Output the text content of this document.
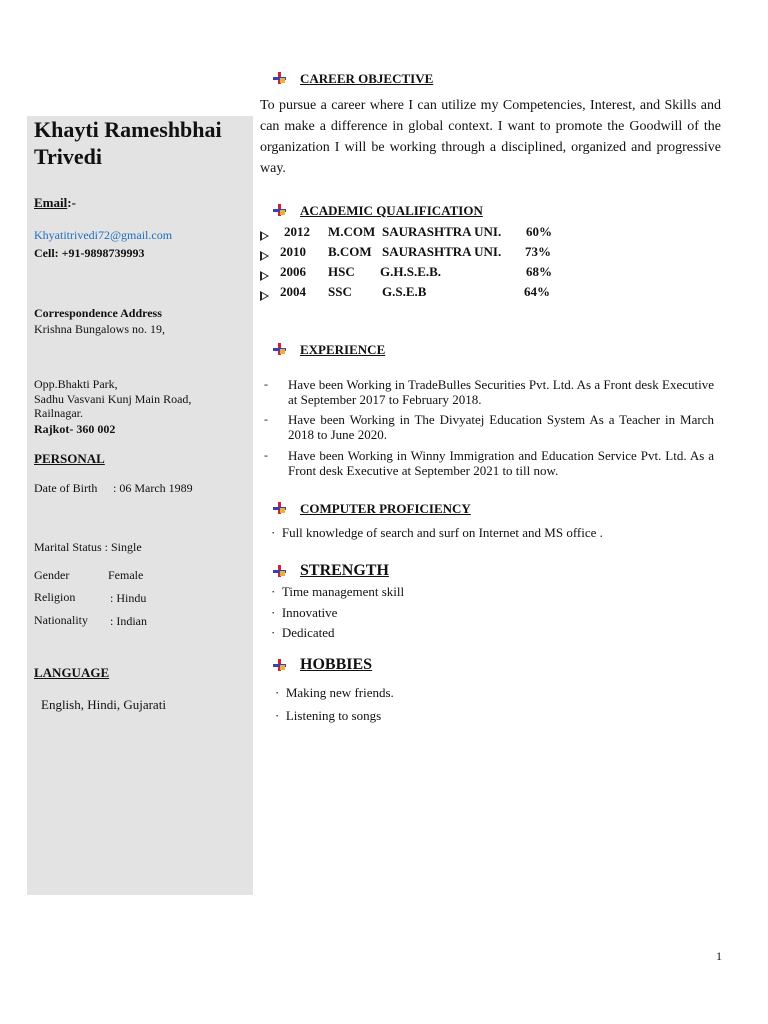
Khayti Rameshbhai
Trivedi
Email:-
Khyatitrivedi72@gmail.com
Cell: +91-9898739993
Correspondence Address
Krishna Bungalows no. 19,
Opp.Bhakti Park,
Sadhu Vasvani Kunj Main Road,
Railnagar.
Rajkot- 360 002
PERSONAL
Date of Birth : 06 March 1989
Marital Status : Single
Gender	Female
Religion	: Hindu
Nationality : Indian
LANGUAGE
English, Hindi, Gujarati
CAREER OBJECTIVE
To pursue a career where I can utilize my Competencies, Interest, and Skills and can make a difference in global context. I want to promote the Goodwill of the organization I will be working through a disciplined, organized and progressive way.
ACADEMIC QUALIFICATION
2012 M.COM SAURASHTRA UNI. 60%
2010 B.COM SAURASHTRA UNI. 73%
2006 HSC G.H.S.E.B.	68%
2004 SSC G.S.E.B	64%
EXPERIENCE
- Have been Working in TradeBulles Securities Pvt. Ltd. As a Front desk Executive at September 2017 to February 2018.
- Have been Working in The Divyatej Education System As a Teacher in March 2018 to June 2020.
- Have been Working in Winny Immigration and Education Service Pvt. Ltd. As a Front desk Executive at September 2021 to till now.
COMPUTER PROFICIENCY
·  Full knowledge of search and surf on Internet and MS office .
STRENGTH
·  Time management skill
·  Innovative
·  Dedicated
HOBBIES
·  Making new friends.
·  Listening to songs
1
